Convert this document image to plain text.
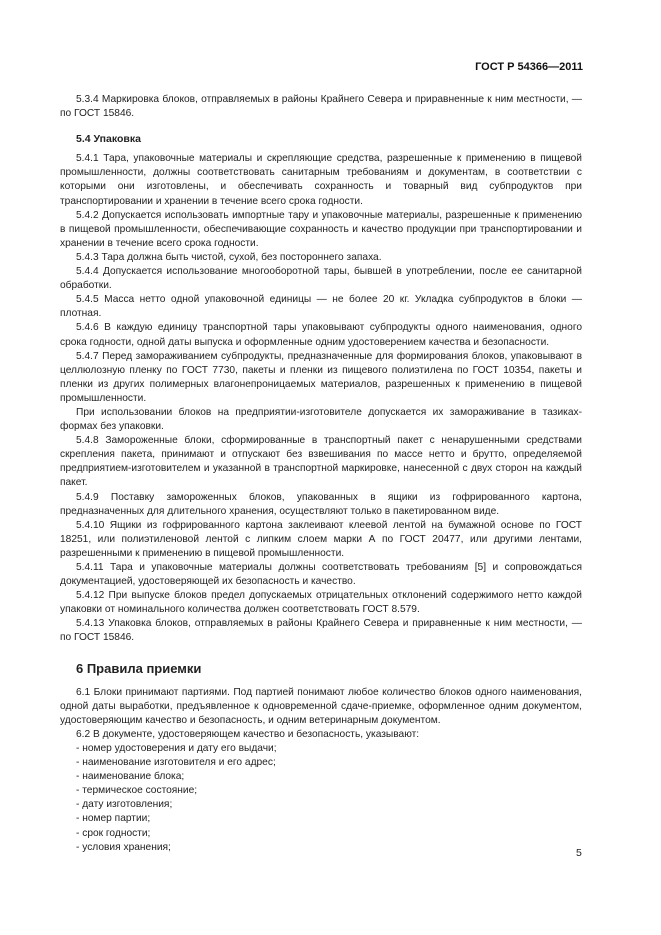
ГОСТ Р 54366—2011

5.3.4 Маркировка блоков, отправляемых в районы Крайнего Севера и приравненные к ним местности, — по ГОСТ 15846.

5.4 Упаковка

5.4.1 Тара, упаковочные материалы и скрепляющие средства, разрешенные к применению в пищевой промышленности, должны соответствовать санитарным требованиям и документам, в соответствии с которыми они изготовлены, и обеспечивать сохранность и товарный вид субпродуктов при транспортировании и хранении в течение всего срока годности.

5.4.2 Допускается использовать импортные тару и упаковочные материалы, разрешенные к применению в пищевой промышленности, обеспечивающие сохранность и качество продукции при транспортировании и хранении в течение всего срока годности.

5.4.3 Тара должна быть чистой, сухой, без постороннего запаха.

5.4.4 Допускается использование многооборотной тары, бывшей в употреблении, после ее санитарной обработки.

5.4.5 Масса нетто одной упаковочной единицы — не более 20 кг. Укладка субпродуктов в блоки — плотная.

5.4.6 В каждую единицу транспортной тары упаковывают субпродукты одного наименования, одного срока годности, одной даты выпуска и оформленные одним удостоверением качества и безопасности.

5.4.7 Перед замораживанием субпродукты, предназначенные для формирования блоков, упаковывают в целлюлозную пленку по ГОСТ 7730, пакеты и пленки из пищевого полиэтилена по ГОСТ 10354, пакеты и пленки из других полимерных влагонепроницаемых материалов, разрешенных к применению в пищевой промышленности.

При использовании блоков на предприятии-изготовителе допускается их замораживание в тазиках-формах без упаковки.

5.4.8 Замороженные блоки, сформированные в транспортный пакет с ненарушенными средствами скрепления пакета, принимают и отпускают без взвешивания по массе нетто и брутто, определяемой предприятием-изготовителем и указанной в транспортной маркировке, нанесенной с двух сторон на каждый пакет.

5.4.9 Поставку замороженных блоков, упакованных в ящики из гофрированного картона, предназначенных для длительного хранения, осуществляют только в пакетированном виде.

5.4.10 Ящики из гофрированного картона заклеивают клеевой лентой на бумажной основе по ГОСТ 18251, или полиэтиленовой лентой с липким слоем марки А по ГОСТ 20477, или другими лентами, разрешенными к применению в пищевой промышленности.

5.4.11 Тара и упаковочные материалы должны соответствовать требованиям [5] и сопровождаться документацией, удостоверяющей их безопасность и качество.

5.4.12 При выпуске блоков предел допускаемых отрицательных отклонений содержимого нетто каждой упаковки от номинального количества должен соответствовать ГОСТ 8.579.

5.4.13 Упаковка блоков, отправляемых в районы Крайнего Севера и приравненные к ним местности, — по ГОСТ 15846.

6 Правила приемки

6.1 Блоки принимают партиями. Под партией понимают любое количество блоков одного наименования, одной даты выработки, предъявленное к одновременной сдаче-приемке, оформленное одним документом, удостоверяющим качество и безопасность, и одним ветеринарным документом.

6.2 В документе, удостоверяющем качество и безопасность, указывают:

- номер удостоверения и дату его выдачи;
- наименование изготовителя и его адрес;
- наименование блока;
- термическое состояние;
- дату изготовления;
- номер партии;
- срок годности;
- условия хранения;	5
